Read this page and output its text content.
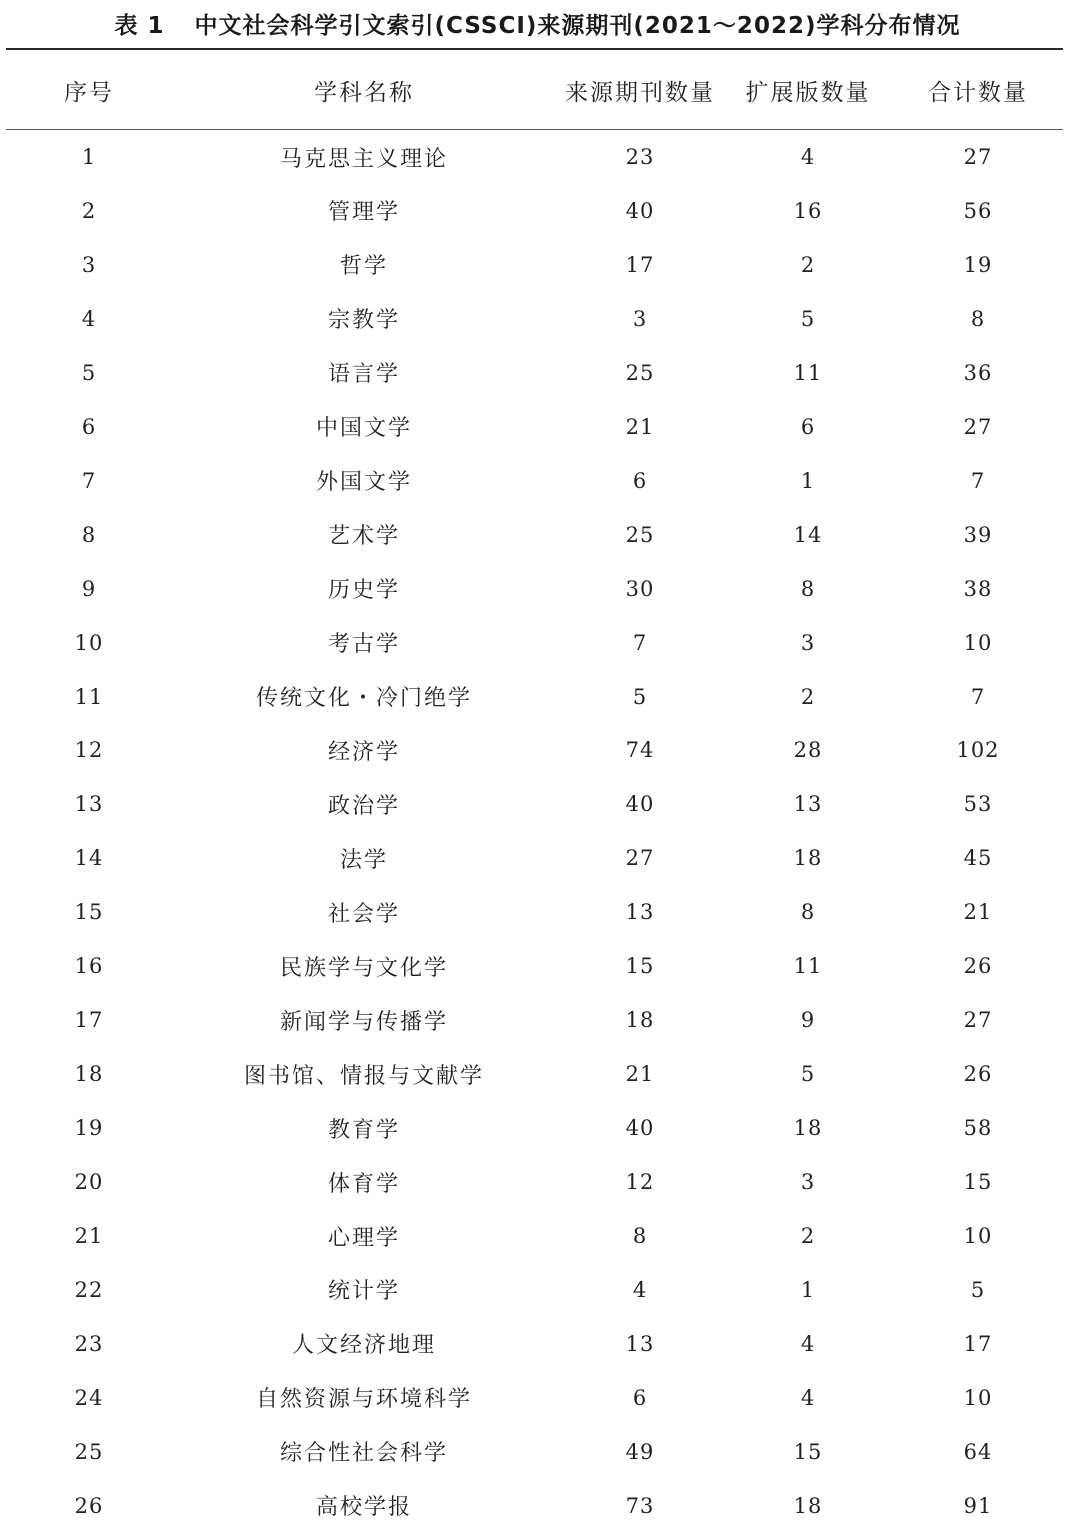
表 1 中文社会科学引文索引(CSSCI)来源期刊(2021～2022)学科分布情况
序号	学科名称	来源期刊数量	扩展版数量	合计数量
1	马克思主义理论	23	4	27
2	管理学	40	16	56
3	哲学	17	2	19
4	宗教学	3	5	8
5	语言学	25	11	36
6	中国文学	21	6	27
7	外国文学	6	1	7
8	艺术学	25	14	39
9	历史学	30	8	38
10	考古学	7	3	10
11	传统文化・冷门绝学	5	2	7
12	经济学	74	28	102
13	政治学	40	13	53
14	法学	27	18	45
15	社会学	13	8	21
16	民族学与文化学	15	11	26
17	新闻学与传播学	18	9	27
18	图书馆、情报与文献学	21	5	26
19	教育学	40	18	58
20	体育学	12	3	15
21	心理学	8	2	10
22	统计学	4	1	5
23	人文经济地理	13	4	17
24	自然资源与环境科学	6	4	10
25	综合性社会科学	49	15	64
26	高校学报	73	18	91
